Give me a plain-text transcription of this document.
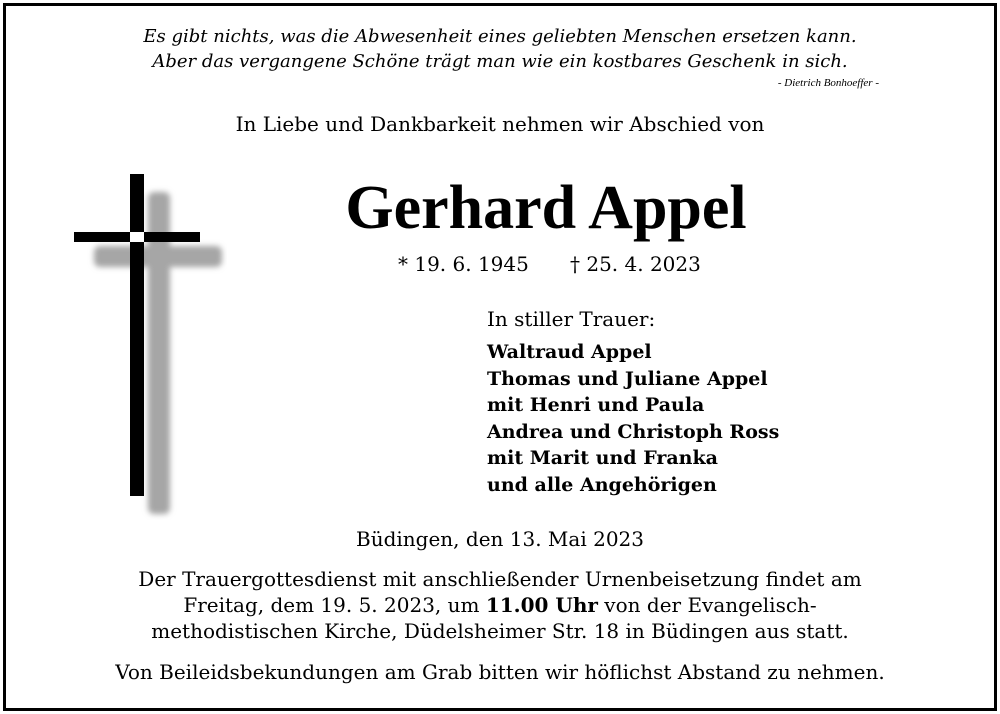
Es gibt nichts, was die Abwesenheit eines geliebten Menschen ersetzen kann.
Aber das vergangene Schöne trägt man wie ein kostbares Geschenk in sich.
- Dietrich Bonhoeffer -
In Liebe und Dankbarkeit nehmen wir Abschied von
Gerhard Appel
* 19. 6. 1945 † 25. 4. 2023
In stiller Trauer:
Waltraud Appel
Thomas und Juliane Appel
mit Henri und Paula
Andrea und Christoph Ross
mit Marit und Franka
und alle Angehörigen
Büdingen, den 13. Mai 2023
Der Trauergottesdienst mit anschließender Urnenbeisetzung findet am
Freitag, dem 19. 5. 2023, um 11.00 Uhr von der Evangelisch-
methodistischen Kirche, Düdelsheimer Str. 18 in Büdingen aus statt.
Von Beileidsbekundungen am Grab bitten wir höflichst Abstand zu nehmen.
